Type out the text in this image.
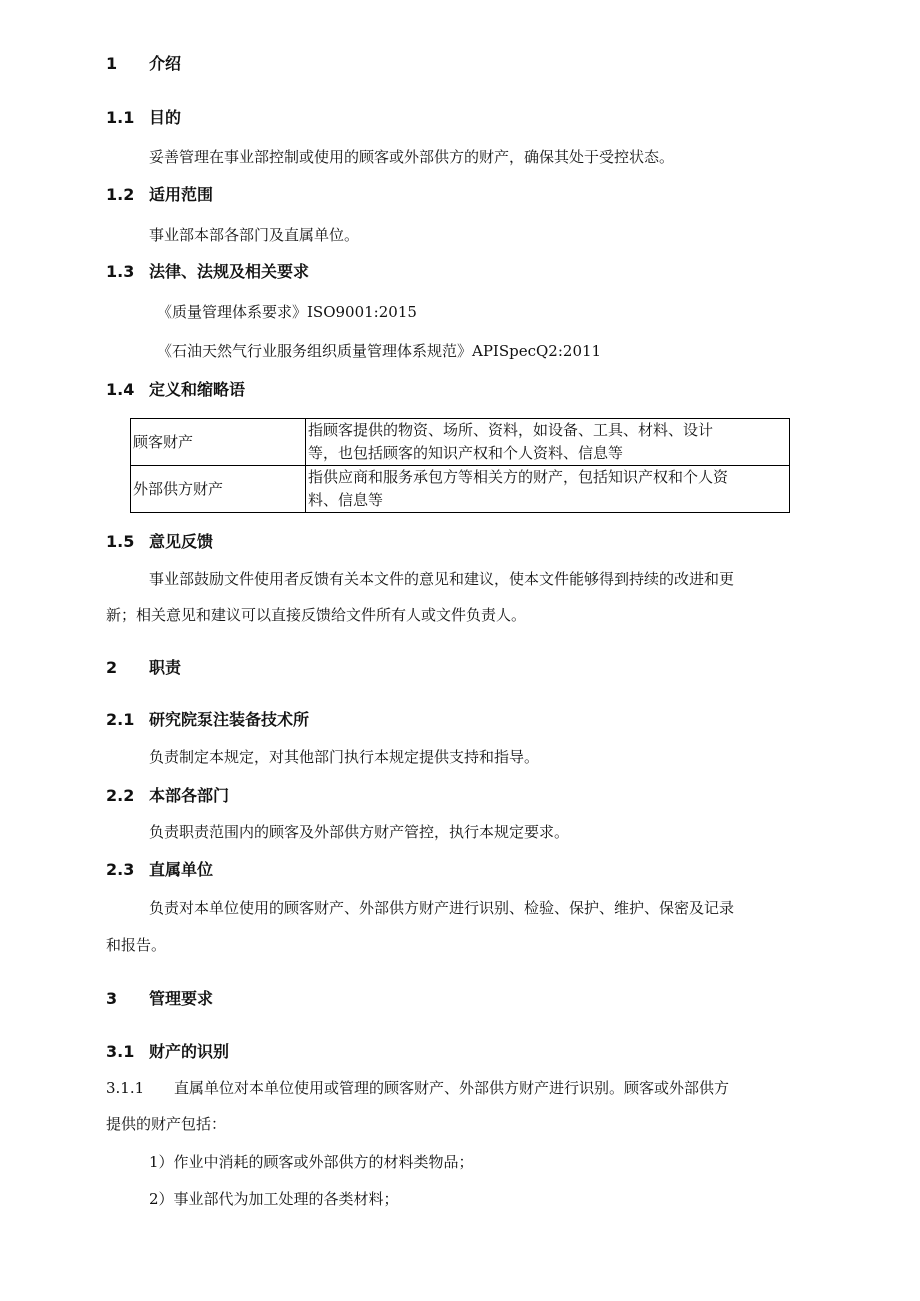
1 介绍
1.1 目的
妥善管理在事业部控制或使用的顾客或外部供方的财产，确保其处于受控状态。
1.2 适用范围
事业部本部各部门及直属单位。
1.3 法律、法规及相关要求
《质量管理体系要求》ISO9001:2015
《石油天然气行业服务组织质量管理体系规范》APISpecQ2:2011
1.4 定义和缩略语
顾客财产	指顾客提供的物资、场所、资料，如设备、工具、材料、设计
等，也包括顾客的知识产权和个人资料、信息等

外部供方财产	指供应商和服务承包方等相关方的财产，包括知识产权和个人资
料、信息等
1.5 意见反馈
事业部鼓励文件使用者反馈有关本文件的意见和建议，使本文件能够得到持续的改进和更
新；相关意见和建议可以直接反馈给文件所有人或文件负责人。
2 职责
2.1 研究院泵注装备技术所
负责制定本规定，对其他部门执行本规定提供支持和指导。
2.2 本部各部门
负责职责范围内的顾客及外部供方财产管控，执行本规定要求。
2.3 直属单位
负责对本单位使用的顾客财产、外部供方财产进行识别、检验、保护、维护、保密及记录
和报告。
3 管理要求
3.1 财产的识别
3.1.1 直属单位对本单位使用或管理的顾客财产、外部供方财产进行识别。顾客或外部供方
提供的财产包括：
1）作业中消耗的顾客或外部供方的材料类物品；
2）事业部代为加工处理的各类材料；
